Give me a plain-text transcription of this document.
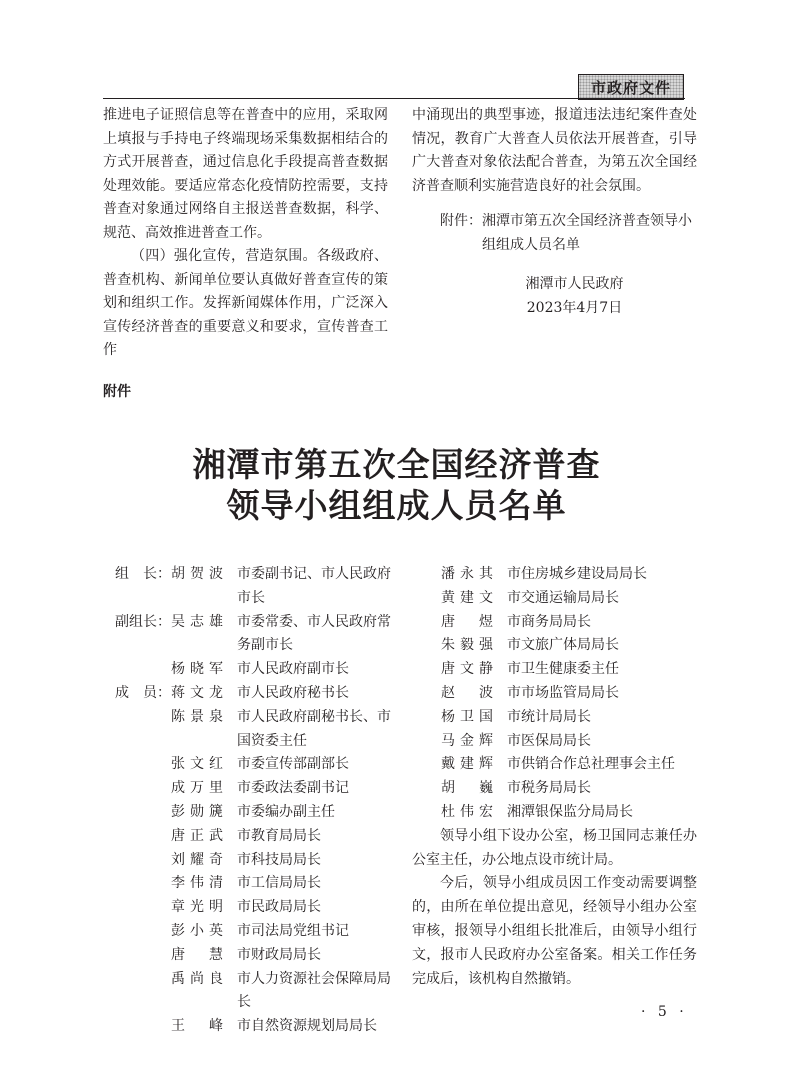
市政府文件

推进电子证照信息等在普查中的应用，采取网上填报与手持电子终端现场采集数据相结合的方式开展普查，通过信息化手段提高普查数据处理效能。要适应常态化疫情防控需要，支持普查对象通过网络自主报送普查数据，科学、规范、高效推进普查工作。

（四）强化宣传，营造氛围。各级政府、普查机构、新闻单位要认真做好普查宣传的策划和组织工作。发挥新闻媒体作用，广泛深入宣传经济普查的重要意义和要求，宣传普查工作

中涌现出的典型事迹，报道违法违纪案件查处情况，教育广大普查人员依法开展普查，引导广大普查对象依法配合普查，为第五次全国经济普查顺利实施营造良好的社会氛围。

附件：湘潭市第五次全国经济普查领导小
组组成人员名单

湘潭市人民政府

2023年4月7日

附件
湘潭市第五次全国经济普查
领导小组组成人员名单
组　长： 胡贺波 市委副书记、市人民政府市长
副组长： 吴志雄 市委常委、市人民政府常务副市长
杨晓军 市人民政府副市长
成　员： 蒋文龙 市人民政府秘书长
陈景泉 市人民政府副秘书长、市国资委主任
张文红 市委宣传部副部长
成万里 市委政法委副书记
彭勋篪 市委编办副主任
唐正武 市教育局局长
刘耀奇 市科技局局长
李伟清 市工信局局长
章光明 市民政局局长
彭小英 市司法局党组书记
唐　慧 市财政局局长
禹尚良 市人力资源社会保障局局长
王　峰 市自然资源规划局局长
潘永其 市住房城乡建设局局长
黄建文 市交通运输局局长
唐　煜 市商务局局长
朱毅强 市文旅广体局局长
唐文静 市卫生健康委主任
赵　波 市市场监管局局长
杨卫国 市统计局局长
马金辉 市医保局局长
戴建辉 市供销合作总社理事会主任
胡　巍 市税务局局长
杜伟宏 湘潭银保监分局局长

领导小组下设办公室，杨卫国同志兼任办公室主任，办公地点设市统计局。

今后，领导小组成员因工作变动需要调整的，由所在单位提出意见，经领导小组办公室审核，报领导小组组长批准后，由领导小组行文，报市人民政府办公室备案。相关工作任务完成后，该机构自然撤销。

· 5 ·
